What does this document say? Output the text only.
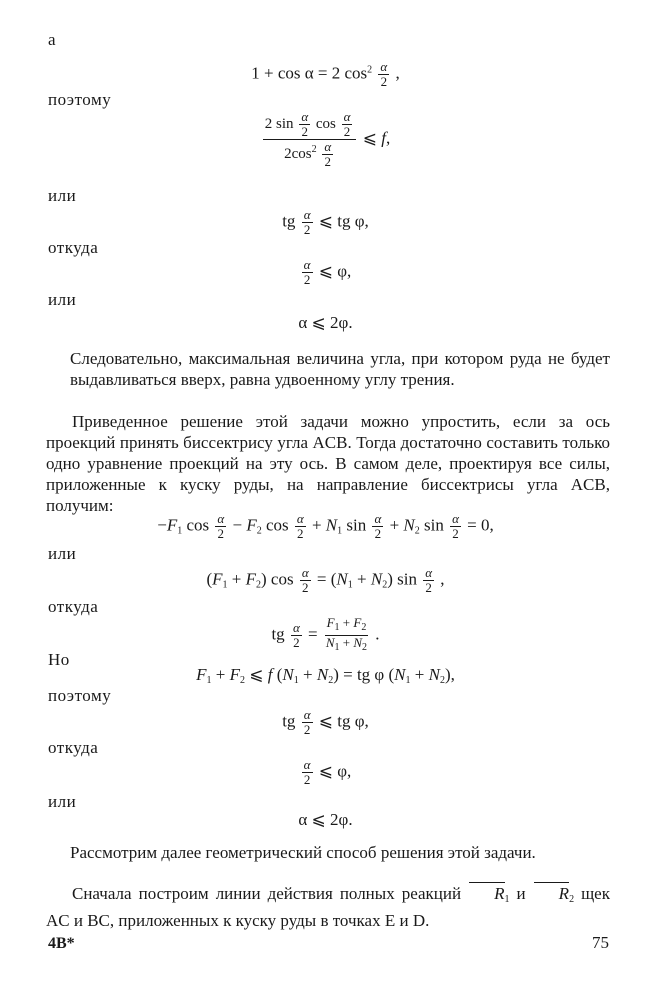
а
1 + cos α = 2 $\cos^2 \frac{\alpha}{2}$ ,
поэтому
$\frac{2 \sin \frac{\alpha}{2} \cos \frac{\alpha}{2}}{2\cos^2 \frac{\alpha}{2}}$ ⩽ f,
или
tg $\frac{\alpha}{2}$ ⩽ tg φ,
откуда
$\frac{\alpha}{2}$ ⩽ φ,
или
α ⩽ 2φ.
Следовательно, максимальная величина угла, при котором руда не будет выдавливаться вверх, равна удвоенному углу трения.
Приведенное решение этой задачи можно упростить, если за ось проекций принять биссектрису угла ACB. Тогда достаточно составить только одно уравнение проекций на эту ось. В самом деле, проектируя все силы, приложенные к куску руды, на направление биссектрисы угла ACB, получим:
$-F_1$ $\cos \frac{\alpha}{2} - F_2$ $\cos \frac{\alpha}{2} + N_1$ $\sin \frac{\alpha}{2} + N_2$ $\sin \frac{\alpha}{2} = 0$,
или
$(F_1 + F_2)$ $\cos \frac{\alpha}{2} = (N_1 + N_2)$ $\sin \frac{\alpha}{2}$ ,
откуда
tg $\frac{\alpha}{2} = \frac{F_1 + F_2}{N_1 + N_2}$ .
Но
$F_1 + F_2$ ⩽ f $(N_1 + N_2)$ = tg φ $(N_1 + N_2)$,
поэтому
tg $\frac{\alpha}{2}$ ⩽ tg φ,
откуда
$\frac{\alpha}{2}$ ⩽ φ,
или
α ⩽ 2φ.
Рассмотрим далее геометрический способ решения этой задачи.
Сначала построим линии действия полных реакций $R_1$ и $R_2$ щек AC и BC, приложенных к куску руды в точках E и D.
4B*	75
